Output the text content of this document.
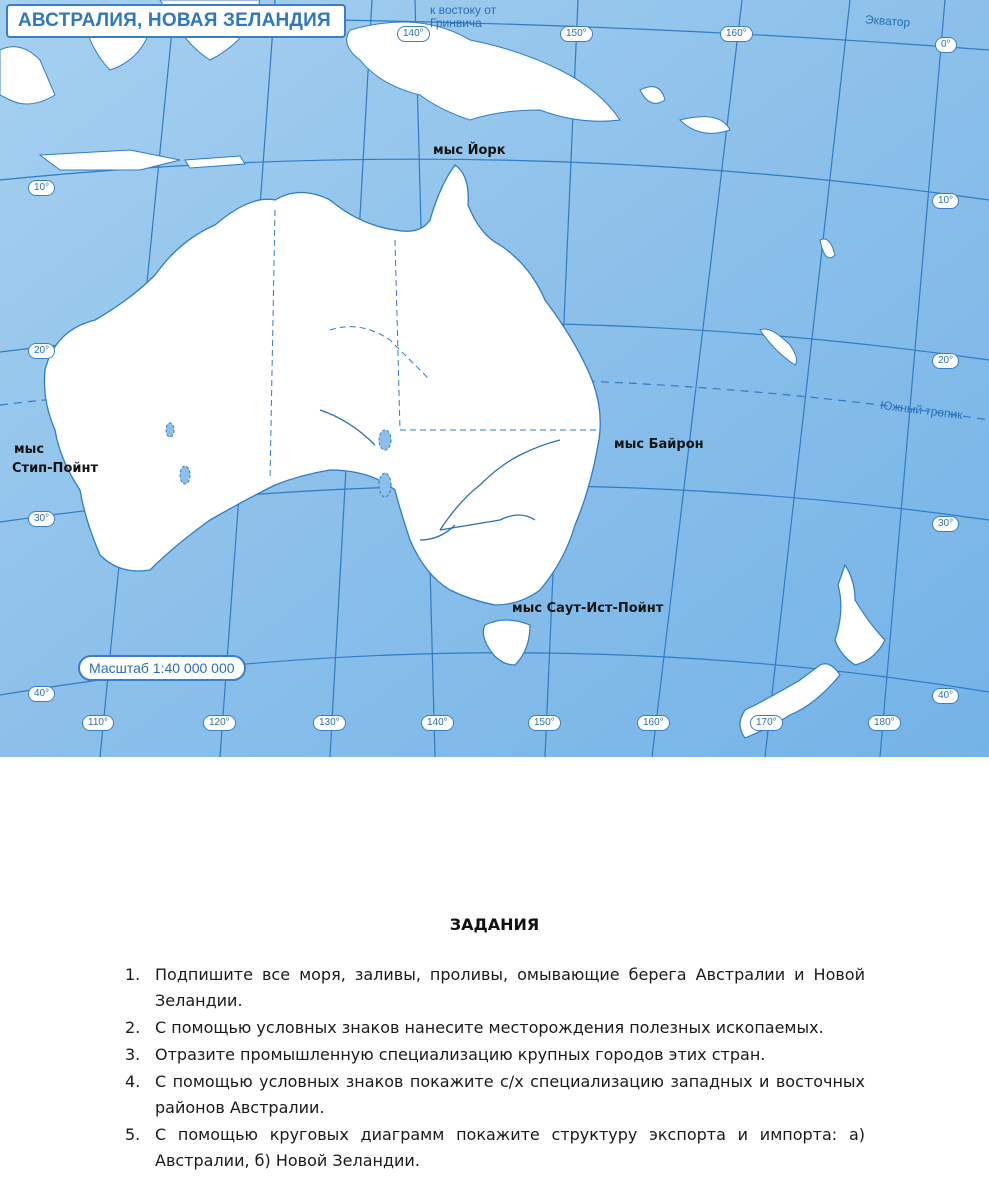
АВСТРАЛИЯ, НОВАЯ ЗЕЛАНДИЯ	к востоку от Гринвича	Экватор
Южный тропик
140°	150°	160°
0°
10°
20°
30°
40°
10°
20°
30°
40°
110°	120°	130°	140°	150°	160°	170°	180°
мыс Йорк
мыс
Стип-Пойнт
мыс Байрон
мыс Саут-Ист-Пойнт
Масштаб 1:40 000 000
ЗАДАНИЯ
1. Подпишите все моря, заливы, проливы, омывающие берега Австралии и Новой Зеландии.
2. С помощью условных знаков нанесите месторождения полезных ископаемых.
3. Отразите промышленную специализацию крупных городов этих стран.
4. С помощью условных знаков покажите с/х специализацию западных и восточных районов Австралии.
5. С помощью круговых диаграмм покажите структуру экспорта и импорта: а) Австралии, б) Новой Зеландии.
